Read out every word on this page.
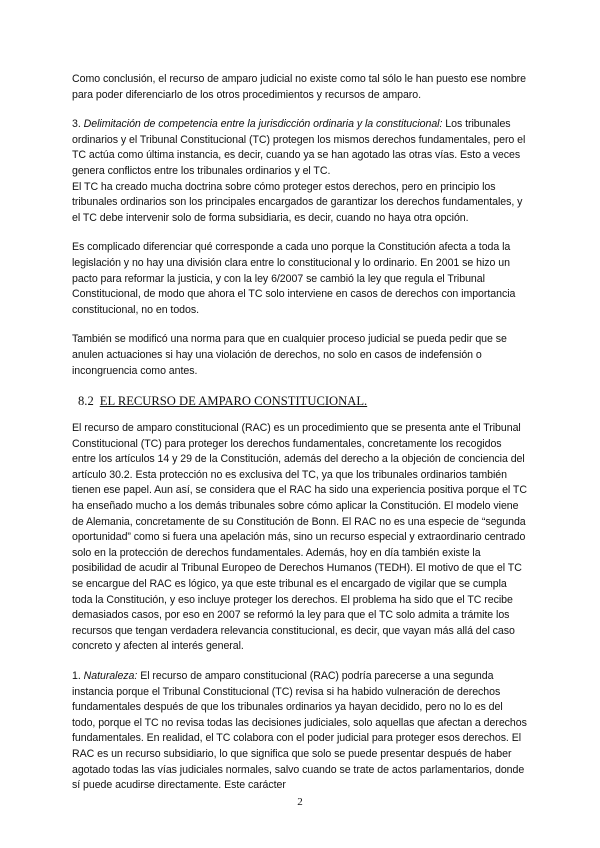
Como conclusión, el recurso de amparo judicial no existe como tal sólo le han puesto ese nombre para poder diferenciarlo de los otros procedimientos y recursos de amparo.

3. Delimitación de competencia entre la jurisdicción ordinaria y la constitucional: Los tribunales ordinarios y el Tribunal Constitucional (TC) protegen los mismos derechos fundamentales, pero el TC actúa como última instancia, es decir, cuando ya se han agotado las otras vías. Esto a veces genera conflictos entre los tribunales ordinarios y el TC.

El TC ha creado mucha doctrina sobre cómo proteger estos derechos, pero en principio los tribunales ordinarios son los principales encargados de garantizar los derechos fundamentales, y el TC debe intervenir solo de forma subsidiaria, es decir, cuando no haya otra opción.

Es complicado diferenciar qué corresponde a cada uno porque la Constitución afecta a toda la legislación y no hay una división clara entre lo constitucional y lo ordinario. En 2001 se hizo un pacto para reformar la justicia, y con la ley 6/2007 se cambió la ley que regula el Tribunal Constitucional, de modo que ahora el TC solo interviene en casos de derechos con importancia constitucional, no en todos.

También se modificó una norma para que en cualquier proceso judicial se pueda pedir que se anulen actuaciones si hay una violación de derechos, no solo en casos de indefensión o incongruencia como antes.

8.2 EL RECURSO DE AMPARO CONSTITUCIONAL.

El recurso de amparo constitucional (RAC) es un procedimiento que se presenta ante el Tribunal Constitucional (TC) para proteger los derechos fundamentales, concretamente los recogidos entre los artículos 14 y 29 de la Constitución, además del derecho a la objeción de conciencia del artículo 30.2. Esta protección no es exclusiva del TC, ya que los tribunales ordinarios también tienen ese papel. Aun así, se considera que el RAC ha sido una experiencia positiva porque el TC ha enseñado mucho a los demás tribunales sobre cómo aplicar la Constitución. El modelo viene de Alemania, concretamente de su Constitución de Bonn. El RAC no es una especie de “segunda oportunidad” como si fuera una apelación más, sino un recurso especial y extraordinario centrado solo en la protección de derechos fundamentales. Además, hoy en día también existe la posibilidad de acudir al Tribunal Europeo de Derechos Humanos (TEDH). El motivo de que el TC se encargue del RAC es lógico, ya que este tribunal es el encargado de vigilar que se cumpla toda la Constitución, y eso incluye proteger los derechos. El problema ha sido que el TC recibe demasiados casos, por eso en 2007 se reformó la ley para que el TC solo admita a trámite los recursos que tengan verdadera relevancia constitucional, es decir, que vayan más allá del caso concreto y afecten al interés general.

1. Naturaleza: El recurso de amparo constitucional (RAC) podría parecerse a una segunda instancia porque el Tribunal Constitucional (TC) revisa si ha habido vulneración de derechos fundamentales después de que los tribunales ordinarios ya hayan decidido, pero no lo es del todo, porque el TC no revisa todas las decisiones judiciales, solo aquellas que afectan a derechos fundamentales. En realidad, el TC colabora con el poder judicial para proteger esos derechos. El RAC es un recurso subsidiario, lo que significa que solo se puede presentar después de haber agotado todas las vías judiciales normales, salvo cuando se trate de actos parlamentarios, donde sí puede acudirse directamente. Este carácter

2
